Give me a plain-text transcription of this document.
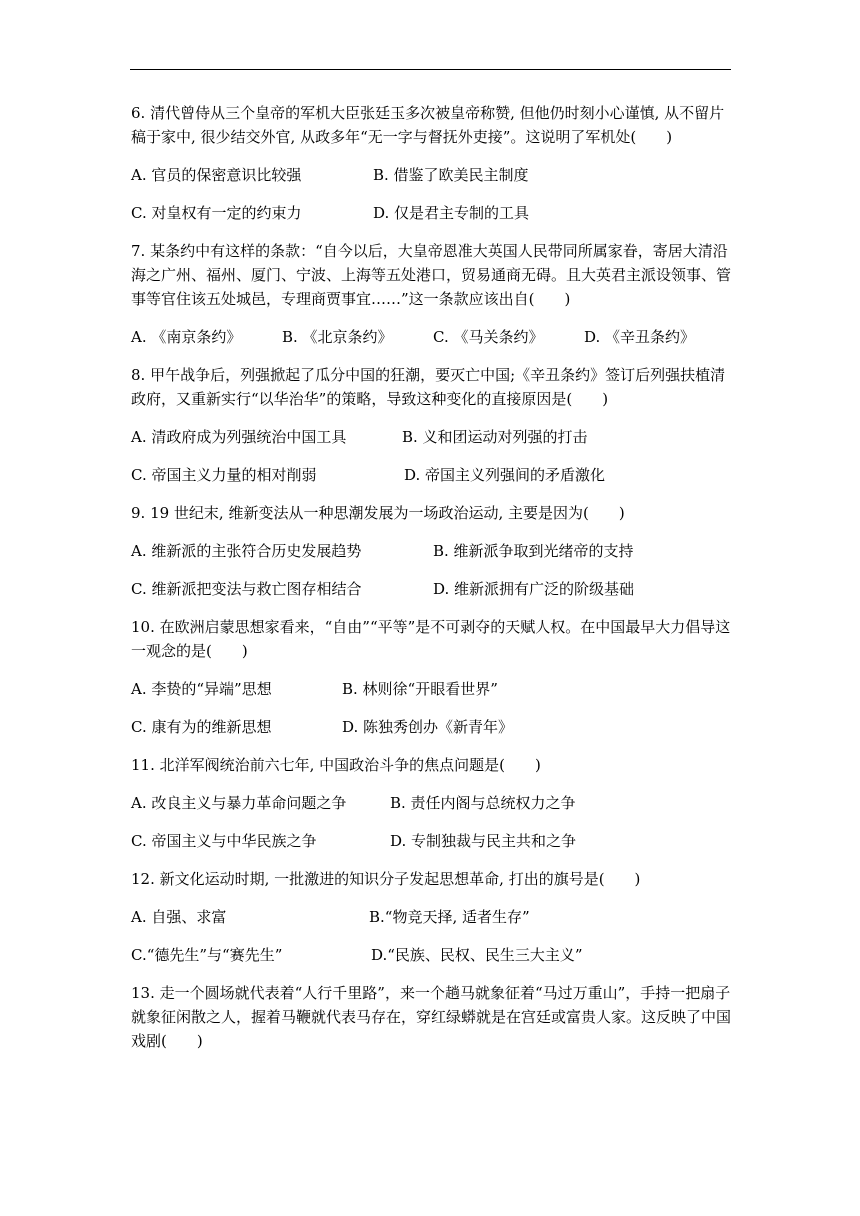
6. 清代曾侍从三个皇帝的军机大臣张廷玉多次被皇帝称赞, 但他仍时刻小心谨慎, 从不留片稿于家中, 很少结交外官, 从政多年“无一字与督抚外吏接”。这说明了军机处(　　)

A. 官员的保密意识比较强	B. 借鉴了欧美民主制度
C. 对皇权有一定的约束力	D. 仅是君主专制的工具

7. 某条约中有这样的条款：“自今以后，大皇帝恩准大英国人民带同所属家眷，寄居大清沿海之广州、福州、厦门、宁波、上海等五处港口，贸易通商无碍。且大英君主派设领事、管事等官住该五处城邑，专理商贾事宜……”这一条款应该出自(　　)

A. 《南京条约》	B. 《北京条约》	C. 《马关条约》	D. 《辛丑条约》

8. 甲午战争后，列强掀起了瓜分中国的狂潮，要灭亡中国;《辛丑条约》签订后列强扶植清政府，又重新实行“以华治华”的策略，导致这种变化的直接原因是(　　)

A. 清政府成为列强统治中国工具	B. 义和团运动对列强的打击
C. 帝国主义力量的相对削弱	D. 帝国主义列强间的矛盾激化

9. 19 世纪末, 维新变法从一种思潮发展为一场政治运动, 主要是因为(　　)

A. 维新派的主张符合历史发展趋势	B. 维新派争取到光绪帝的支持
C. 维新派把变法与救亡图存相结合	D. 维新派拥有广泛的阶级基础

10. 在欧洲启蒙思想家看来，“自由”“平等”是不可剥夺的天赋人权。在中国最早大力倡导这一观念的是(　　)

A. 李贽的“异端”思想	B. 林则徐“开眼看世界”
C. 康有为的维新思想	D. 陈独秀创办《新青年》

11. 北洋军阀统治前六七年, 中国政治斗争的焦点问题是(　　)

A. 改良主义与暴力革命问题之争	B. 责任内阁与总统权力之争
C. 帝国主义与中华民族之争	D. 专制独裁与民主共和之争

12. 新文化运动时期, 一批激进的知识分子发起思想革命, 打出的旗号是(　　)

A. 自强、求富	B.“物竞天择, 适者生存”
C.“德先生”与“赛先生”	D.“民族、民权、民生三大主义”

13. 走一个圆场就代表着“人行千里路”，来一个趟马就象征着“马过万重山”，手持一把扇子就象征闲散之人，握着马鞭就代表马存在，穿红绿蟒就是在宫廷或富贵人家。这反映了中国戏剧(　　)
